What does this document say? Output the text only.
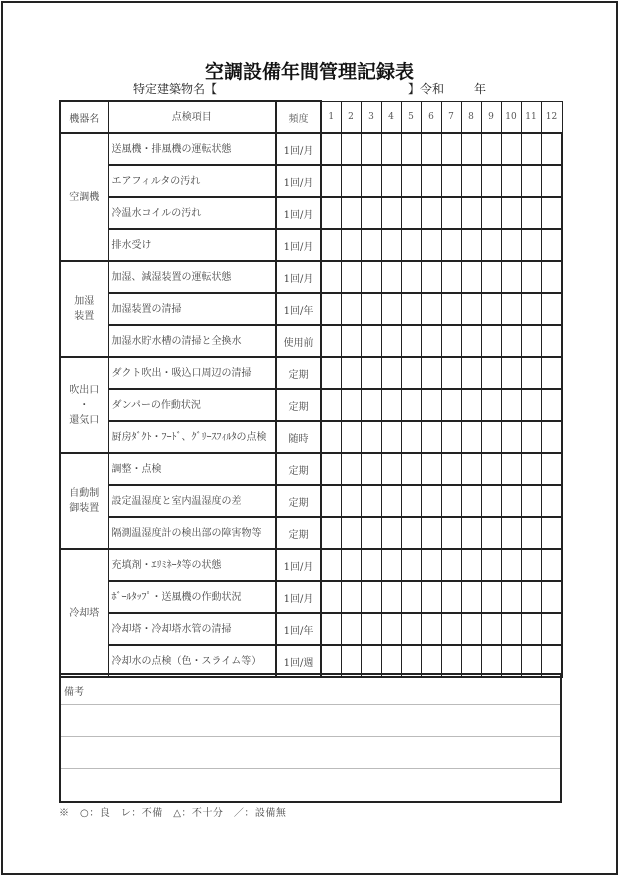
空調設備年間管理記録表
特定建築物名【	】令和 年
機器名	点検項目	頻度	1	2	3	4	5	6	7	8	9	10	11	12
空調機	送風機・排風機の運転状態	1回/月												
	エアフィルタの汚れ	1回/月												
	冷温水コイルの汚れ	1回/月												
	排水受け	1回/月												
加湿
装置	加湿、減湿装置の運転状態	1回/月												
	加湿装置の清掃	1回/年												
	加湿水貯水槽の清掃と全換水	使用前												
吹出口
・
還気口	ダクト吹出・吸込口周辺の清掃	定期												
	ダンパーの作動状況	定期												
	厨房ﾀﾞｸﾄ・ﾌｰﾄﾞ、ｸﾞﾘｰｽﾌｨﾙﾀの点検	随時												
自動制
御装置	調整・点検	定期												
	設定温湿度と室内温湿度の差	定期												
	隔測温湿度計の検出部の障害物等	定期												
冷却塔	充填剤・ｴﾘﾐﾈｰﾀ等の状態	1回/月												
	ﾎﾞｰﾙﾀｯﾌﾟ・送風機の作動状況	1回/月												
	冷却塔・冷却塔水管の清掃	1回/年												
	冷却水の点検（色・スライム等）	1回/週												
備考
※　○：良　レ：不備　△：不十分　／：設備無
